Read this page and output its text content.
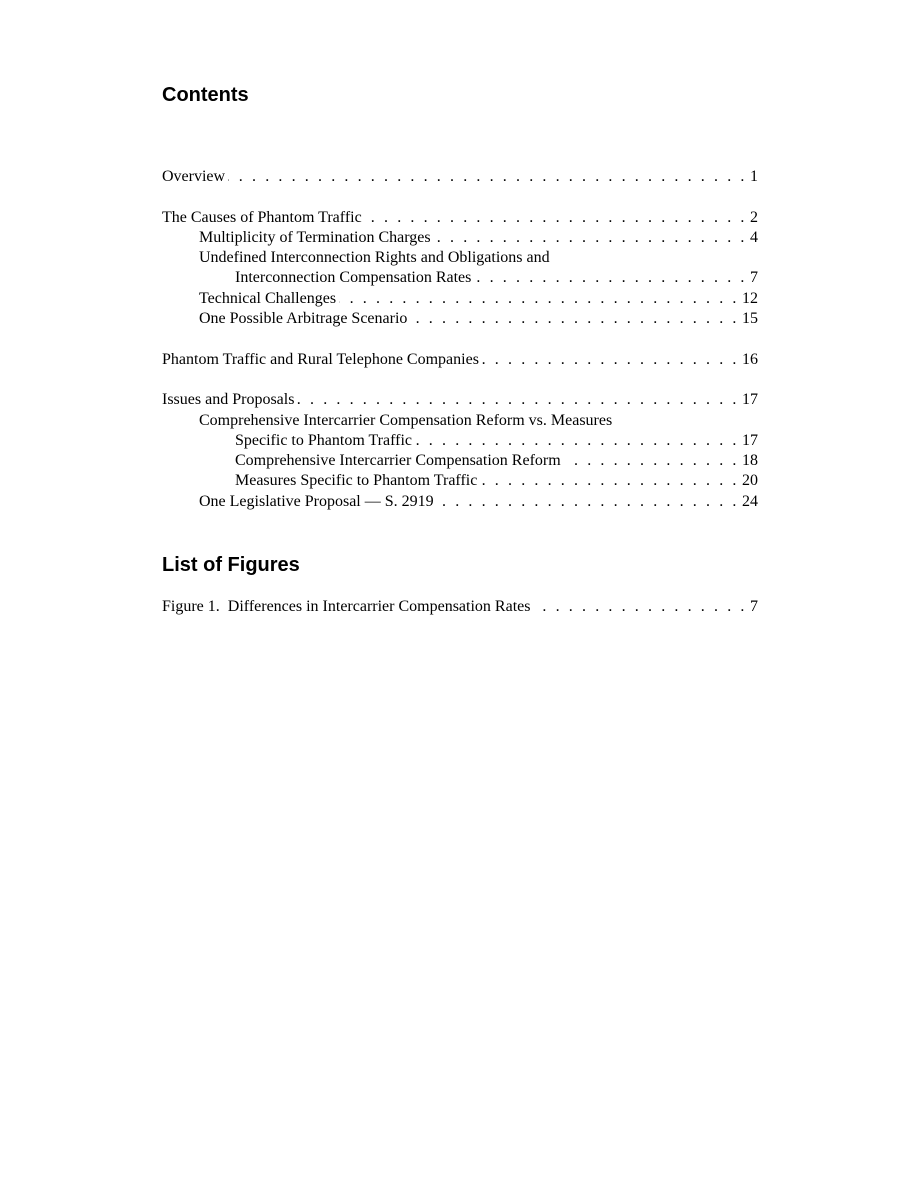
Contents
Overview . . .	1
The Causes of Phantom Traffic . . .	2
Multiplicity of Termination Charges . . .	4
Undefined Interconnection Rights and Obligations and
Interconnection Compensation Rates . . .	7
Technical Challenges . . .	12
One Possible Arbitrage Scenario . . .	15
Phantom Traffic and Rural Telephone Companies . . .	16
Issues and Proposals . . .	17
Comprehensive Intercarrier Compensation Reform vs. Measures
Specific to Phantom Traffic . . .	17
Comprehensive Intercarrier Compensation Reform . . .	18
Measures Specific to Phantom Traffic . . .	20
One Legislative Proposal — S. 2919 . . .	24
List of Figures
Figure 1.  Differences in Intercarrier Compensation Rates . . .	7
